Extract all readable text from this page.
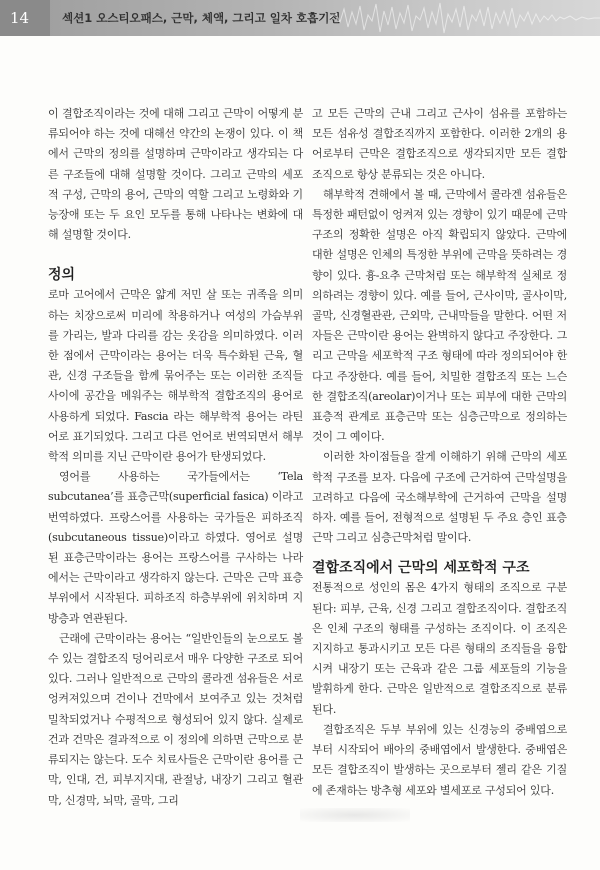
14	섹션1 오스티오패스, 근막, 체액, 그리고 일차 호흡기전

이 결합조직이라는 것에 대해 그리고 근막이 어떻게 분류되어야 하는 것에 대해선 약간의 논쟁이 있다. 이 책에서 근막의 정의를 설명하며 근막이라고 생각되는 다른 구조들에 대해 설명할 것이다. 그리고 근막의 세포적 구성, 근막의 용어, 근막의 역할 그리고 노령화와 기능장애 또는 두 요인 모두를 통해 나타나는 변화에 대해 설명할 것이다.

정의

로마 고어에서 근막은 얇게 저민 살 또는 귀족을 의미하는 치장으로써 미리에 착용하거나 여성의 가슴부위를 가리는, 발과 다리를 감는 옷감을 의미하였다. 이러한 점에서 근막이라는 용어는 더욱 특수화된 근육, 혈관, 신경 구조들을 함께 묶어주는 또는 이러한 조직들 사이에 공간을 메워주는 해부학적 결합조직의 용어로 사용하게 되었다. Fascia 라는 해부학적 용어는 라틴어로 표기되었다. 그리고 다른 언어로 번역되면서 해부학적 의미를 지닌 근막이란 용어가 탄생되었다.

영어를 사용하는 국가들에서는 ‘Tela subcutanea’를 표층근막(superficial fasica) 이라고 번역하였다. 프랑스어를 사용하는 국가들은 피하조직(subcutaneous tissue)이라고 하였다. 영어로 설명된 표층근막이라는 용어는 프랑스어를 구사하는 나라에서는 근막이라고 생각하지 않는다. 근막은 근막 표층부위에서 시작된다. 피하조직 하층부위에 위치하며 지방층과 연관된다.

근래에 근막이라는 용어는 “일반인들의 눈으로도 볼 수 있는 결합조직 덩어리로서 매우 다양한 구조로 되어 있다. 그러나 일반적으로 근막의 콜라겐 섬유들은 서로 엉켜져있으며 건이나 건막에서 보여주고 있는 것처럼 밀착되었거나 수평적으로 형성되어 있지 않다. 실제로 건과 건막은 결과적으로 이 정의에 의하면 근막으로 분류되지는 않는다. 도수 치료사들은 근막이란 용어를 근막, 인대, 건, 피부지지대, 관절낭, 내장기 그리고 혈관막, 신경막, 뇌막, 골막, 그리

고 모든 근막의 근내 그리고 근사이 섬유를 포함하는 모든 섬유성 결합조직까지 포함한다. 이러한 2개의 용어로부터 근막은 결합조직으로 생각되지만 모든 결합조직으로 항상 분류되는 것은 아니다.

해부학적 견해에서 볼 때, 근막에서 콜라겐 섬유들은 특정한 패턴없이 엉켜져 있는 경향이 있기 때문에 근막 구조의 정확한 설명은 아직 확립되지 않았다. 근막에 대한 설명은 인체의 특정한 부위에 근막을 뜻하려는 경향이 있다. 흉-요추 근막처럼 또는 해부학적 실체로 정의하려는 경향이 있다. 예를 들어, 근사이막, 골사이막, 골막, 신경혈관관, 근외막, 근내막들을 말한다. 어떤 저자들은 근막이란 용어는 완벽하지 않다고 주장한다. 그리고 근막을 세포학적 구조 형태에 따라 정의되어야 한다고 주장한다. 예를 들어, 치밀한 결합조직 또는 느슨한 결합조직(areolar)이거나 또는 피부에 대한 근막의 표층적 관계로 표층근막 또는 심층근막으로 정의하는 것이 그 예이다.

이러한 차이점들을 잘게 이해하기 위해 근막의 세포학적 구조를 보자. 다음에 구조에 근거하여 근막설명을 고려하고 다음에 국소해부학에 근거하여 근막을 설명하자. 예를 들어, 전형적으로 설명된 두 주요 층인 표층근막 그리고 심층근막처럼 말이다.

결합조직에서 근막의 세포학적 구조

전통적으로 성인의 몸은 4가지 형태의 조직으로 구분된다: 피부, 근육, 신경 그리고 결합조직이다. 결합조직은 인체 구조의 형태를 구성하는 조직이다. 이 조직은 지지하고 통과시키고 모든 다른 형태의 조직들을 융합시켜 내장기 또는 근육과 같은 그룹 세포들의 기능을 발휘하게 한다. 근막은 일반적으로 결합조직으로 분류된다.

결합조직은 두부 부위에 있는 신경능의 중배엽으로부터 시작되어 배아의 중배엽에서 발생한다. 중배엽은 모든 결합조직이 발생하는 곳으로부터 젤리 같은 기질에 존재하는 방추형 세포와 별세포로 구성되어 있다.
